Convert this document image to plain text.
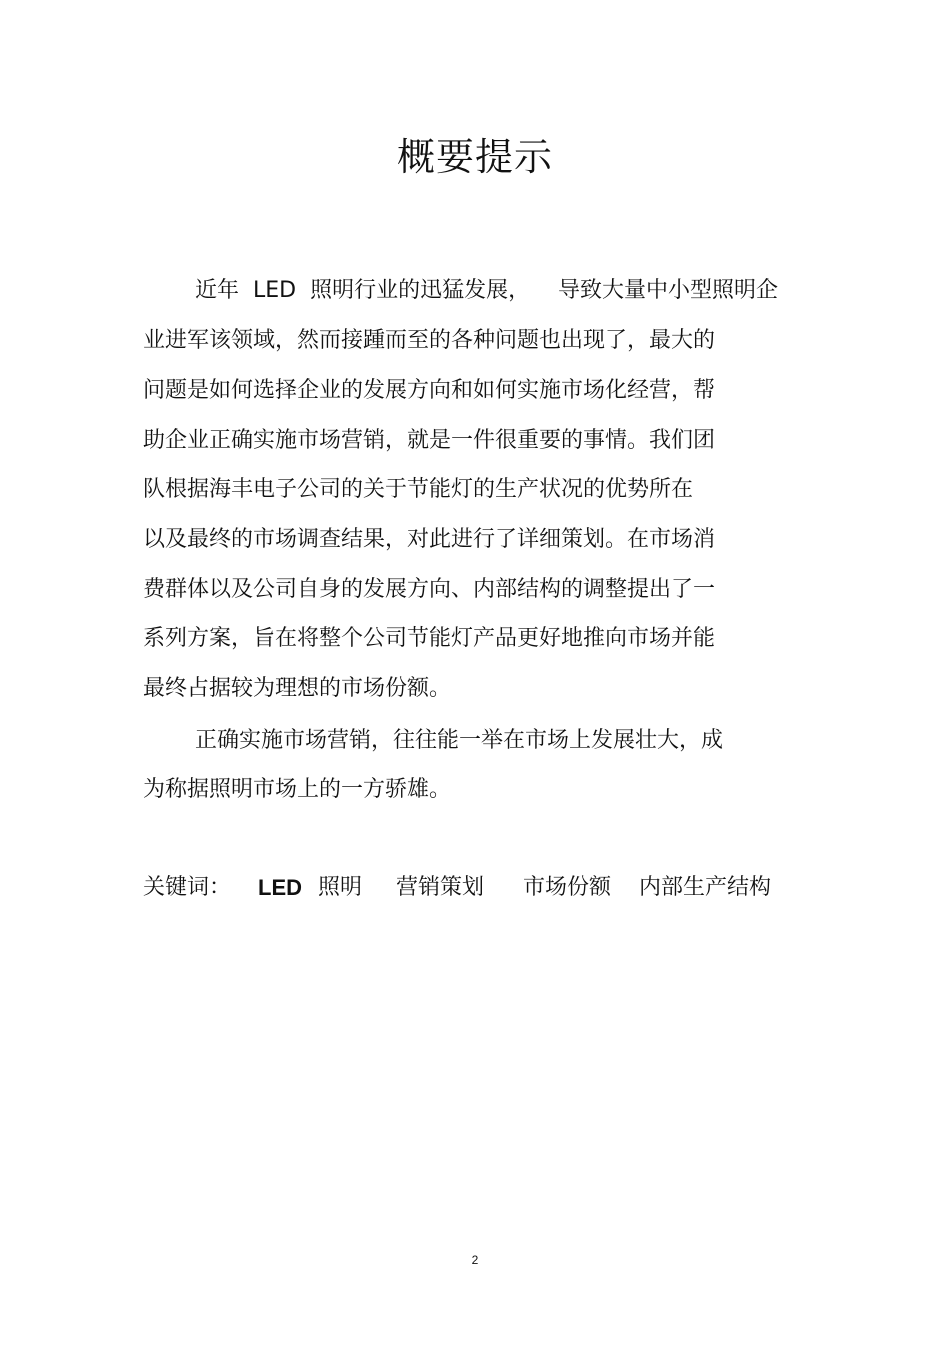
概要提示
近年  LED  照明行业的迅猛发展，    导致大量中小型照明企
业进军该领域，然而接踵而至的各种问题也出现了，最大的
问题是如何选择企业的发展方向和如何实施市场化经营，帮
助企业正确实施市场营销，就是一件很重要的事情。我们团
队根据海丰电子公司的关于节能灯的生产状况的优势所在
以及最终的市场调查结果，对此进行了详细策划。在市场消
费群体以及公司自身的发展方向、内部结构的调整提出了一
系列方案，旨在将整个公司节能灯产品更好地推向市场并能
最终占据较为理想的市场份额。
正确实施市场营销，往往能一举在市场上发展壮大，成
为称据照明市场上的一方骄雄。
关键词： LED 照明 营销策划 市场份额 内部生产结构
2
